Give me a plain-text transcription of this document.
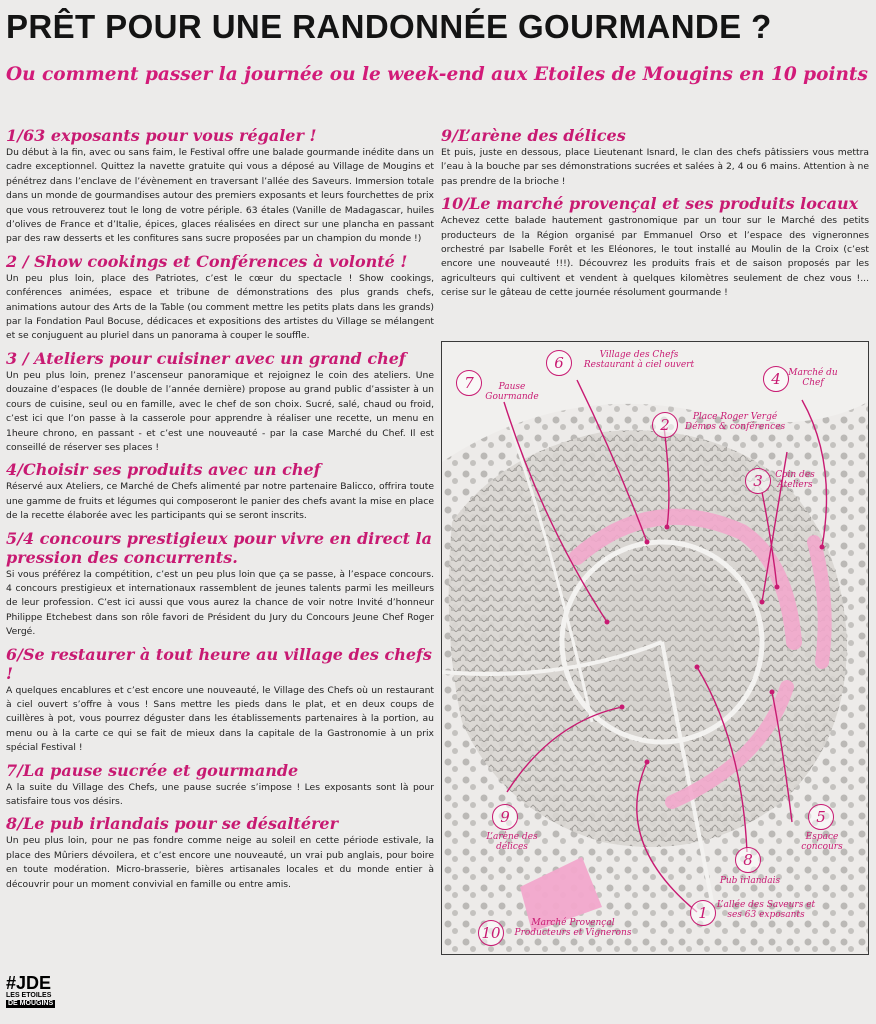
PRÊT POUR UNE RANDONNÉE GOURMANDE ?
Ou comment passer la journée ou le week-end aux Etoiles de Mougins en 10 points
1/63 exposants pour vous régaler !

Du début à la fin, avec ou sans faim, le Festival offre une balade gourmande inédite dans un cadre exceptionnel. Quittez la navette gratuite qui vous a déposé au Village de Mougins et pénétrez dans l’enclave de l’évènement en traversant l’allée des Saveurs. Immersion totale dans un monde de gourmandises autour des premiers exposants et leurs fourchettes de prix que vous retrouverez tout le long de votre périple. 63 étales (Vanille de Madagascar, huiles d’olives de France et d’Italie, épices, glaces réalisées en direct sur une plancha en passant par des raw desserts et les confitures sans sucre proposées par un champion du monde !)

2 / Show cookings et Conférences à volonté !

Un peu plus loin, place des Patriotes, c’est le cœur du spectacle ! Show cookings, conférences animées, espace et tribune de démonstrations des plus grands chefs, animations autour des Arts de la Table (ou comment mettre les petits plats dans les grands) par la Fondation Paul Bocuse, dédicaces et expositions des artistes du Village se mélangent et se conjuguent au pluriel dans un panorama à couper le souffle.

3 / Ateliers pour cuisiner avec un grand chef

Un peu plus loin, prenez l’ascenseur panoramique et rejoignez le coin des ateliers. Une douzaine d’espaces (le double de l’année dernière) propose au grand public d’assister à un cours de cuisine, seul ou en famille, avec le chef de son choix. Sucré, salé, chaud ou froid, c’est ici que l’on passe à la casserole pour apprendre à réaliser une recette, un menu en 1heure chrono, en passant - et c’est une nouveauté - par la case Marché du Chef. Il est conseillé de réserver ses places !

4/Choisir ses produits avec un chef

Réservé aux Ateliers, ce Marché de Chefs alimenté par notre partenaire Balicco, offrira toute une gamme de fruits et légumes qui composeront le panier des chefs avant la mise en place de la recette élaborée avec les participants qui se seront inscrits.

5/4 concours prestigieux pour vivre en direct la pression des concurrents.

Si vous préférez la compétition, c’est un peu plus loin que ça se passe, à l’espace concours. 4 concours prestigieux et internationaux rassemblent de jeunes talents parmi les meilleurs de leur profession. C’est ici aussi que vous aurez la chance de voir notre Invité d’honneur Philippe Etchebest dans son rôle favori de Président du Jury du Concours Jeune Chef Roger Vergé.

6/Se restaurer à tout heure au village des chefs !

A quelques encablures et c’est encore une nouveauté, le Village des Chefs où un restaurant à ciel ouvert s’offre à vous ! Sans mettre les pieds dans le plat, et en deux coups de cuillères à pot, vous pourrez déguster dans les établissements partenaires à la portion, au menu ou à la carte ce qui se fait de mieux dans la capitale de la Gastronomie à un prix spécial Festival !

7/La pause sucrée et gourmande

A la suite du Village des Chefs, une pause sucrée s’impose ! Les exposants sont là pour satisfaire tous vos désirs.

8/Le pub irlandais pour se désaltérer

Un peu plus loin, pour ne pas fondre comme neige au soleil en cette période estivale, la place des Mûriers dévoilera, et c’est encore une nouveauté, un vrai pub anglais, pour boire en toute modération. Micro-brasserie, bières artisanales locales et du monde entier à découvrir pour un moment convivial en famille ou entre amis.

9/L’arène des délices

Et puis, juste en dessous, place Lieutenant Isnard, le clan des chefs pâtissiers vous mettra l’eau à la bouche par ses démonstrations sucrées et salées à 2, 4 ou 6 mains. Attention à ne pas prendre de la brioche !

10/Le marché provençal et ses produits locaux

Achevez cette balade hautement gastronomique par un tour sur le Marché des petits producteurs de la Région organisé par Emmanuel Orso et l’espace des vigneronnes orchestré par Isabelle Forêt et les Eléonores, le tout installé au Moulin de la Croix (c’est encore une nouveauté !!!). Découvrez les produits frais et de saison proposés par les agriculteurs qui cultivent et vendent à quelques kilomètres seulement de chez vous !... cerise sur le gâteau de cette journée résolument gourmande !

7	Pause Gourmande
6	Village des Chefs Restaurant à ciel ouvert
4 Marché du Chef
2	Place Roger Vergé Démos & conférences
3	Coin des Ateliers
9
L’arène des délices
5
Espace concours
8
Pub irlandais
1	L’allée des Saveurs et ses 63 exposants
10
Marché Provençal Producteurs et Vignerons
#JDE
LES ETOILES
DE MOUGINS
